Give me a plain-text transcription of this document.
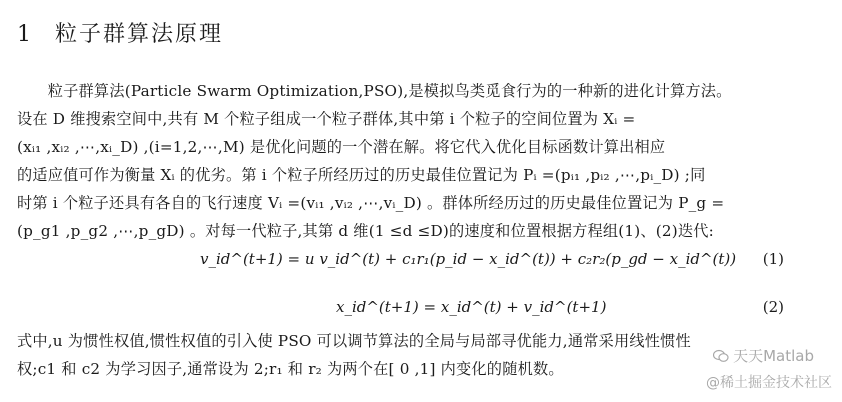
1 粒子群算法原理
　　粒子群算法(Particle Swarm Optimization,PSO),是模拟鸟类觅食行为的一种新的进化计算方法。
设在 D 维搜索空间中,共有 M 个粒子组成一个粒子群体,其中第 i 个粒子的空间位置为 Xᵢ =
(xᵢ₁ ,xᵢ₂ ,⋯,xᵢ_D) ,(i=1,2,⋯,M) 是优化问题的一个潜在解。将它代入优化目标函数计算出相应
的适应值可作为衡量 Xᵢ 的优劣。第 i 个粒子所经历过的历史最佳位置记为 Pᵢ =(pᵢ₁ ,pᵢ₂ ,⋯,pᵢ_D) ;同
时第 i 个粒子还具有各自的飞行速度 Vᵢ =(vᵢ₁ ,vᵢ₂ ,⋯,vᵢ_D) 。群体所经历过的历史最佳位置记为 P_g =
(p_g1 ,p_g2 ,⋯,p_gD) 。对每一代粒子,其第 d 维(1 ≤d ≤D)的速度和位置根据方程组(1)、(2)迭代:
v_id^(t+1) = u v_id^(t) + c₁r₁(p_id − x_id^(t)) + c₂r₂(p_gd − x_id^(t)) (1)
x_id^(t+1) = x_id^(t) + v_id^(t+1)	(2)
式中,u 为惯性权值,惯性权值的引入使 PSO 可以调节算法的全局与局部寻优能力,通常采用线性惯性
权;c1 和 c2 为学习因子,通常设为 2;r₁ 和 r₂ 为两个在[ 0 ,1] 内变化的随机数。
天天Matlab
@稀土掘金技术社区
